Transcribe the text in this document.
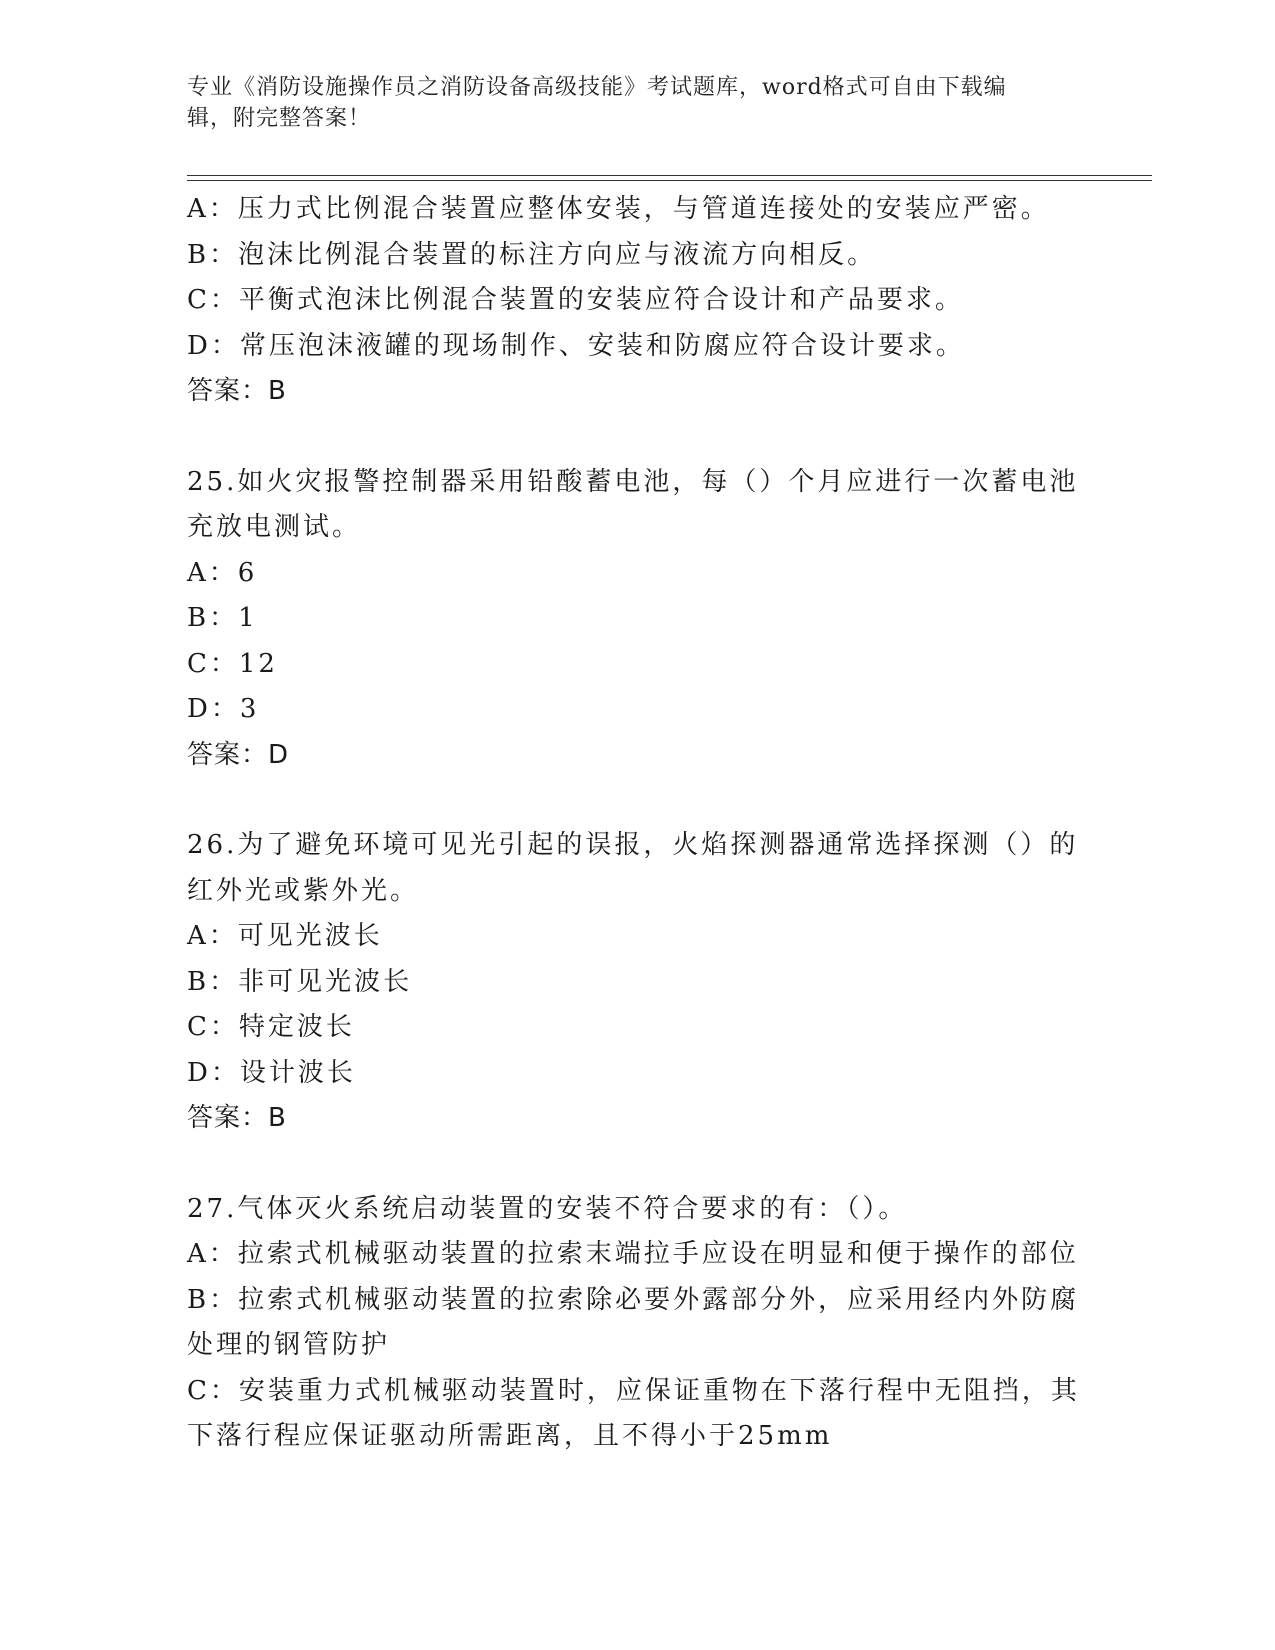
专业《消防设施操作员之消防设备高级技能》考试题库，word格式可自由下载编
辑，附完整答案！
A：压力式比例混合装置应整体安装，与管道连接处的安装应严密。
B：泡沫比例混合装置的标注方向应与液流方向相反。
C：平衡式泡沫比例混合装置的安装应符合设计和产品要求。
D：常压泡沫液罐的现场制作、安装和防腐应符合设计要求。
答案：B
25.如火灾报警控制器采用铅酸蓄电池，每（）个月应进行一次蓄电池
充放电测试。
A：6
B：1
C：12
D：3
答案：D
26.为了避免环境可见光引起的误报，火焰探测器通常选择探测（）的
红外光或紫外光。
A：可见光波长
B：非可见光波长
C：特定波长
D：设计波长
答案：B
27.气体灭火系统启动装置的安装不符合要求的有：（）。
A：拉索式机械驱动装置的拉索末端拉手应设在明显和便于操作的部位
B：拉索式机械驱动装置的拉索除必要外露部分外，应采用经内外防腐
处理的钢管防护
C：安装重力式机械驱动装置时，应保证重物在下落行程中无阻挡，其
下落行程应保证驱动所需距离，且不得小于25mm
